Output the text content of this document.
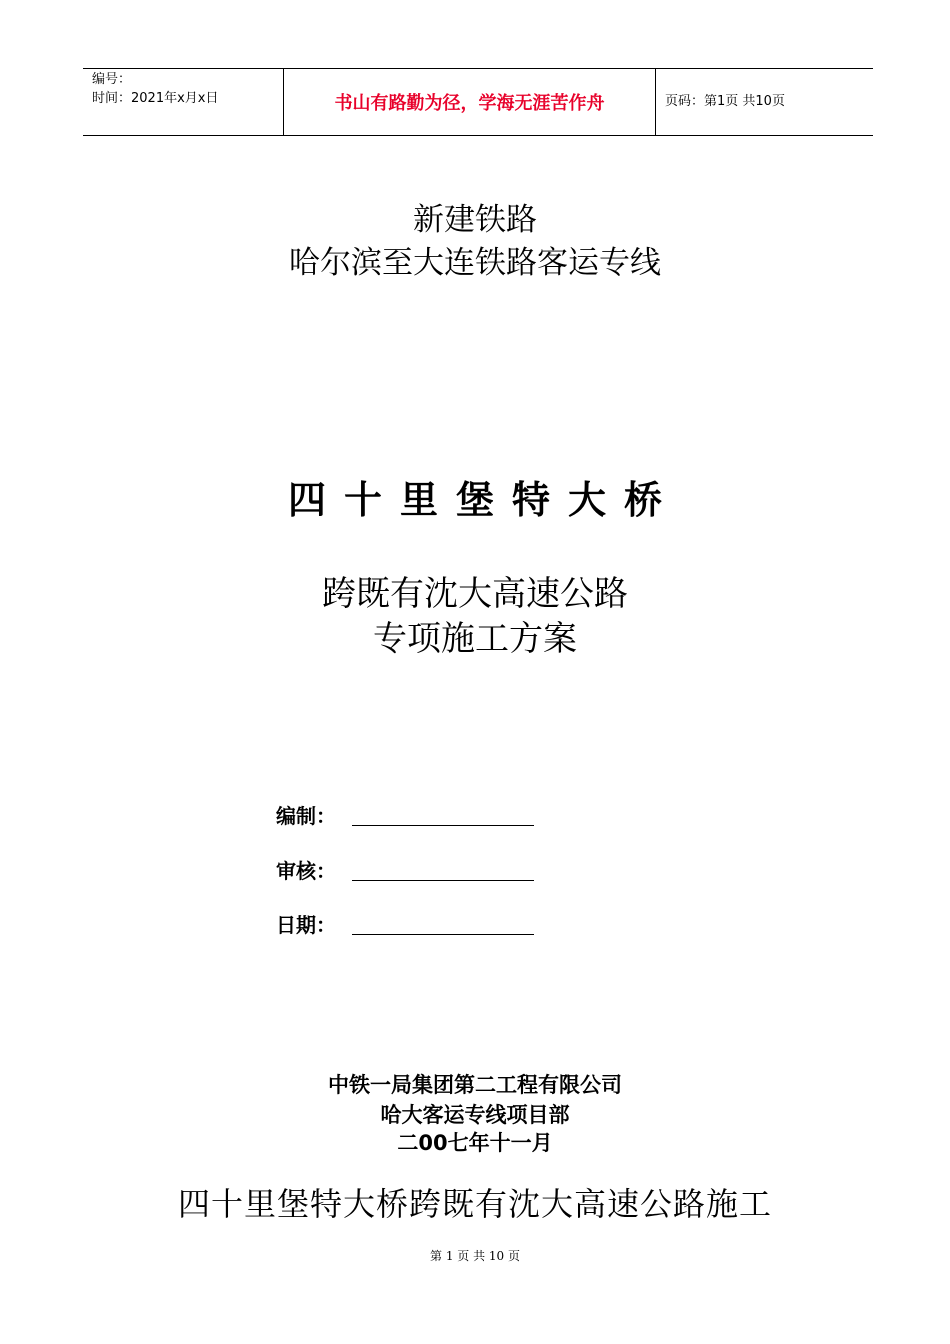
编号：
时间：2021年x月x日	书山有路勤为径，学海无涯苦作舟	页码：第1页 共10页
新建铁路
哈尔滨至大连铁路客运专线
四十里堡特大桥
跨既有沈大高速公路
专项施工方案
编制：
审核：
日期：
中铁一局集团第二工程有限公司
哈大客运专线项目部
二00七年十一月
四十里堡特大桥跨既有沈大高速公路施工
第 1 页 共 10 页
